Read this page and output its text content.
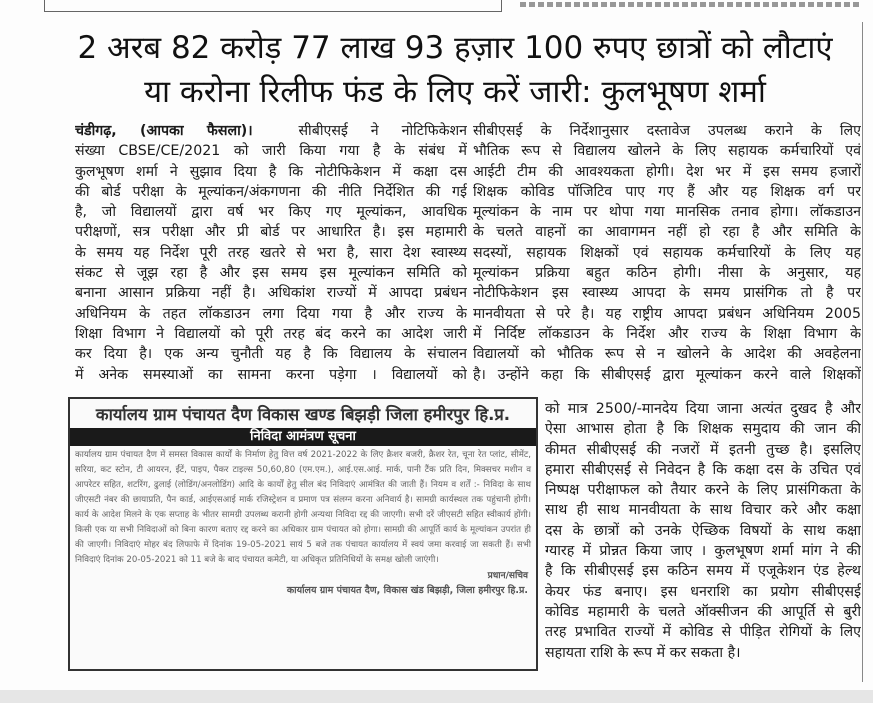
2 अरब 82 करोड़ 77 लाख 93 हज़ार 100 रुपए छात्रों को लौटाएं
या करोना रिलीफ फंड के लिए करें जारी: कुलभूषण शर्मा
चंडीगढ़, (आपका फैसला)।	सीबीएसई ने नोटिफिकेशन
संख्या CBSE/CE/2021 को जारी किया गया है के संबंध में
कुलभूषण शर्मा ने सुझाव दिया है कि नोटीफिकेशन में कक्षा दस
की बोर्ड परीक्षा के मूल्यांकन/अंकगणना की नीति निर्देशित की गई
है, जो विद्यालयों द्वारा वर्ष भर किए गए मूल्यांकन, आवधिक
परीक्षणों, सत्र परीक्षा और प्री बोर्ड पर आधारित है। इस महामारी
के समय यह निर्देश पूरी तरह खतरे से भरा है, सारा देश स्वास्थ्य
संकट से जूझ रहा है और इस समय इस मूल्यांकन समिति को
बनाना आसान प्रक्रिया नहीं है। अधिकांश राज्यों में आपदा प्रबंधन
अधिनियम के तहत लॉकडाउन लगा दिया गया है और राज्य के
शिक्षा विभाग ने विद्यालयों को पूरी तरह बंद करने का आदेश जारी
कर दिया है। एक अन्य चुनौती यह है कि विद्यालय के संचालन
में अनेक समस्याओं का सामना करना पड़ेगा । विद्यालयों को
सीबीएसई के निर्देशानुसार दस्तावेज उपलब्ध कराने के लिए
भौतिक रूप से विद्यालय खोलने के लिए सहायक कर्मचारियों एवं
आईटी टीम की आवश्यकता होगी। देश भर में इस समय हजारों
शिक्षक कोविड पॉजिटिव पाए गए हैं और यह शिक्षक वर्ग पर
मूल्यांकन के नाम पर थोपा गया मानसिक तनाव होगा। लॉकडाउन
के चलते वाहनों का आवागमन नहीं हो रहा है और समिति के
सदस्यों, सहायक शिक्षकों एवं सहायक कर्मचारियों के लिए यह
मूल्यांकन प्रक्रिया बहुत कठिन होगी। नीसा के अनुसार, यह
नोटीफिकेशन इस स्वास्थ्य आपदा के समय प्रासंगिक तो है पर
मानवीयता से परे है। यह राष्ट्रीय आपदा प्रबंधन अधिनियम 2005
में निर्दिष्ट लॉकडाउन के निर्देश और राज्य के शिक्षा विभाग के
विद्यालयों को भौतिक रूप से न खोलने के आदेश की अवहेलना
है। उन्होंने कहा कि सीबीएसई द्वारा मूल्यांकन करने वाले शिक्षकों
को मात्र 2500/-मानदेय दिया जाना अत्यंत दुखद है और
ऐसा आभास होता है कि शिक्षक समुदाय की जान की
कीमत सीबीएसई की नजरों में इतनी तुच्छ है। इसलिए
हमारा सीबीएसई से निवेदन है कि कक्षा दस के उचित एवं
निष्पक्ष परीक्षाफल को तैयार करने के लिए प्रासंगिकता के
साथ ही साथ मानवीयता के साथ विचार करे और कक्षा
दस के छात्रों को उनके ऐच्छिक विषयों के साथ कक्षा
ग्यारह में प्रोन्नत किया जाए । कुलभूषण शर्मा मांग ने की
है कि सीबीएसई इस कठिन समय में एजूकेशन एंड हेल्थ
केयर फंड बनाए। इस धनराशि का प्रयोग सीबीएसई
कोविड महामारी के चलते ऑक्सीजन की आपूर्ति से बुरी
तरह प्रभावित राज्यों में कोविड से पीड़ित रोगियों के लिए
सहायता राशि के रूप में कर सकता है।
कार्यालय ग्राम पंचायत दैण विकास खण्ड बिझड़ी जिला हमीरपुर हि.प्र.
निविदा आमंत्रण सूचना
कार्यालय ग्राम पंचायत दैण में समस्त विकास कार्यों के निर्माण हेतु वित्त वर्ष 2021-2022 के लिए क्रैशर बजरी, क्रैशर रेत, चूना रेत प्लांट, सीमेंट, सरिया, कट स्टोन, टी आयरन, ईंटें, पाइप, पैकर टाइल्स 50,60,80 (एम.एम.), आई.एस.आई. मार्क, पानी टैंक प्रति दिन, मिक्सचर मशीन व आपरेटर सहित, शटरिंग, ढुलाई (लोडिंग/अनलोडिंग) आदि के कार्यों हेतु सील बंद निविदाएं आमंत्रित की जाती हैं। नियम व शर्तें :- निविदा के साथ जीएसटी नंबर की छायाप्रति, पैन कार्ड, आईएसआई मार्क रजिस्ट्रेशन व प्रमाण पत्र संलग्न करना अनिवार्य है। सामग्री कार्यस्थल तक पहुंचानी होगी। कार्य के आदेश मिलने के एक सप्ताह के भीतर सामग्री उपलब्ध करानी होगी अन्यथा निविदा रद्द की जाएगी। सभी दरें जीएसटी सहित स्वीकार्य होंगी। किसी एक या सभी निविदाओं को बिना कारण बताए रद्द करने का अधिकार ग्राम पंचायत को होगा। सामग्री की आपूर्ति कार्य के मूल्यांकन उपरांत ही की जाएगी। निविदाएं मोहर बंद लिफाफे में दिनांक 19-05-2021 सायं 5 बजे तक पंचायत कार्यालय में स्वयं जमा करवाई जा सकती हैं। सभी निविदाएं दिनांक 20-05-2021 को 11 बजे के बाद पंचायत कमेटी, या अधिकृत प्रतिनिधियों के समक्ष खोली जाएंगी।
प्रधान/सचिव
कार्यालय ग्राम पंचायत दैण, विकास खंड बिझड़ी, जिला हमीरपुर हि.प्र.
